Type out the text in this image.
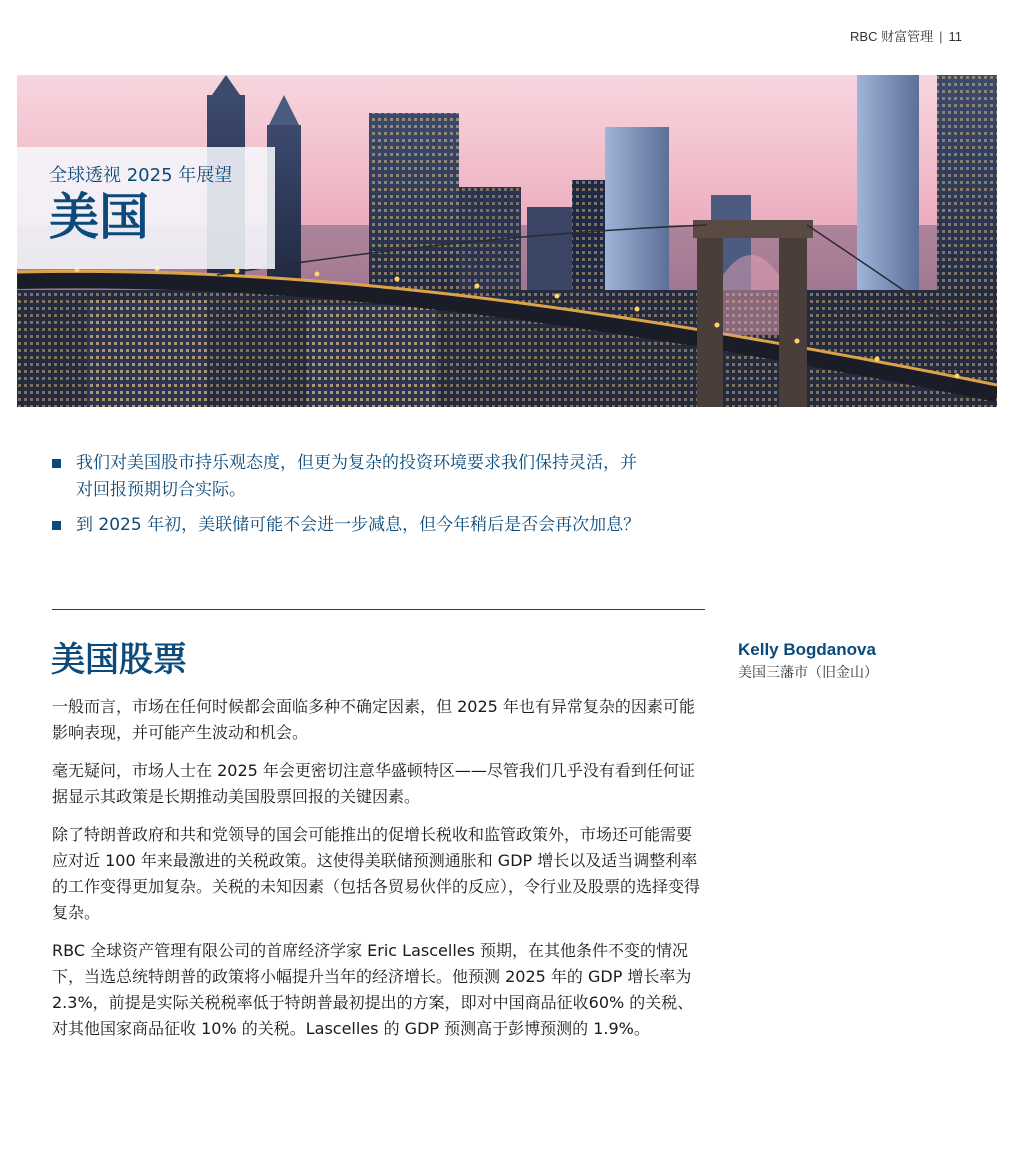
RBC 财富管理 | 11
全球透视 2025 年展望
美国
我们对美国股市持乐观态度，但更为复杂的投资环境要求我们保持灵活，并对回报预期切合实际。
到 2025 年初，美联储可能不会进一步减息，但今年稍后是否会再次加息？
美国股票	Kelly Bogdanova
美国三藩市（旧金山）

一般而言，市场在任何时候都会面临多种不确定因素，但 2025 年也有异常复杂的因素可能影响表现，并可能产生波动和机会。

毫无疑问，市场人士在 2025 年会更密切注意华盛顿特区——尽管我们几乎没有看到任何证据显示其政策是长期推动美国股票回报的关键因素。

除了特朗普政府和共和党领导的国会可能推出的促增长税收和监管政策外，市场还可能需要应对近 100 年来最激进的关税政策。这使得美联储预测通胀和 GDP 增长以及适当调整利率的工作变得更加复杂。关税的未知因素（包括各贸易伙伴的反应），令行业及股票的选择变得复杂。

RBC 全球资产管理有限公司的首席经济学家 Eric Lascelles 预期，在其他条件不变的情况下，当选总统特朗普的政策将小幅提升当年的经济增长。他预测 2025 年的 GDP 增长率为 2.3%，前提是实际关税税率低于特朗普最初提出的方案，即对中国商品征收60% 的关税、对其他国家商品征收 10% 的关税。Lascelles 的 GDP 预测高于彭博预测的 1.9%。
